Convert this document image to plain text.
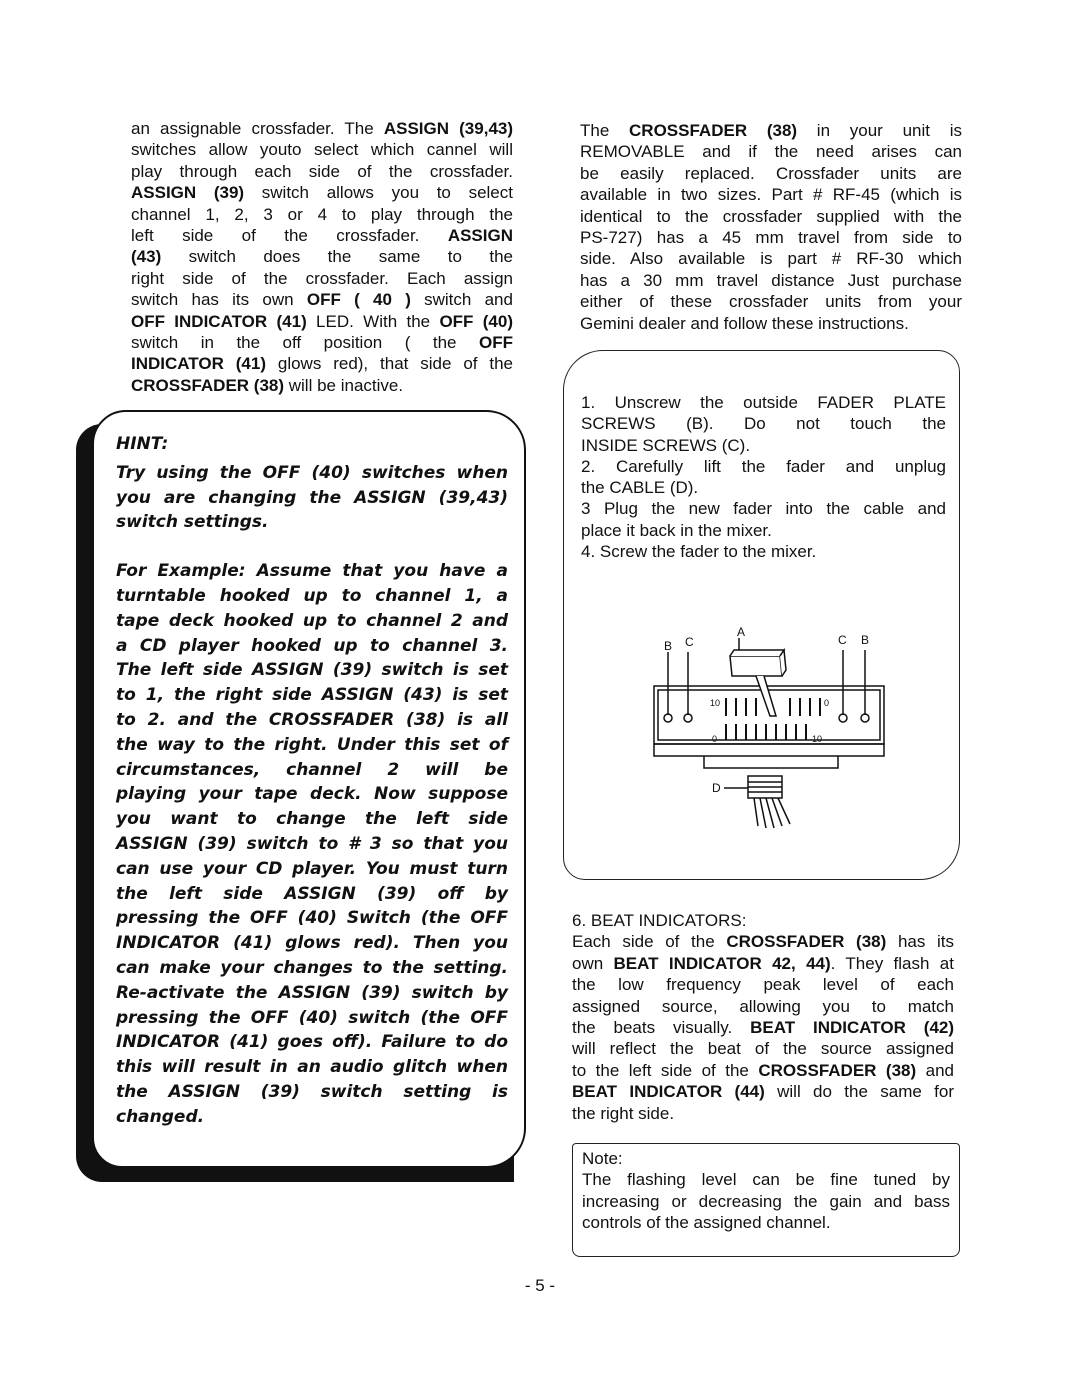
an assignable crossfader. The ASSIGN (39,43)

switches allow youto select which cannel will

play through each side of the crossfader.

ASSIGN (39) switch allows you to select

channel 1, 2, 3 or 4 to play through the

left side of the crossfader. ASSIGN

(43) switch does the same to the

right side of the crossfader. Each assign

switch has its own OFF ( 40 ) switch and

OFF INDICATOR (41) LED. With the OFF (40)

switch in the off position ( the OFF

INDICATOR (41) glows red), that side of the

CROSSFADER (38) will be inactive.

HINT:

Try using the OFF (40) switches when

you are changing the ASSIGN (39,43)

switch settings.

For Example: Assume that you have a

turntable hooked up to channel 1, a

tape deck hooked up to channel 2 and

a CD player hooked up to channel 3.

The left side ASSIGN (39) switch is set

to 1, the right side ASSIGN (43) is set

to 2. and the CROSSFADER (38) is all

the way to the right. Under this set of

circumstances, channel 2 will be

playing your tape deck. Now suppose

you want to change the left side

ASSIGN (39) switch to # 3 so that you

can use your CD player. You must turn

the left side ASSIGN (39) off by

pressing the OFF (40) Switch (the OFF

INDICATOR (41) glows red). Then you

can make your changes to the setting.

Re-activate the ASSIGN (39) switch by

pressing the OFF (40) switch (the OFF

INDICATOR (41) goes off). Failure to do

this will result in an audio glitch when

the ASSIGN (39) switch setting is

changed.

The CROSSFADER (38) in your unit is

REMOVABLE and if the need arises can

be easily replaced. Crossfader units are

available in two sizes. Part # RF-45 (which is

identical to the crossfader supplied with the

PS-727) has a 45 mm travel from side to

side. Also available is part # RF-30 which

has a 30 mm travel distance Just purchase

either of these crossfader units from your

Gemini dealer and follow these instructions.

1. Unscrew the outside FADER PLATE

SCREWS (B). Do not touch the

INSIDE SCREWS (C).

2. Carefully lift the fader and unplug

the CABLE (D).

3 Plug the new fader into the cable and

place it back in the mixer.

4. Screw the fader to the mixer.

B C
A
C B
10	0
0	10
D

6. BEAT INDICATORS:

Each side of the CROSSFADER (38) has its

own BEAT INDICATOR 42, 44). They flash at

the low frequency peak level of each

assigned source, allowing you to match

the beats visually. BEAT INDICATOR (42)

will reflect the beat of the source assigned

to the left side of the CROSSFADER (38) and

BEAT INDICATOR (44) will do the same for

the right side.

Note:

The flashing level can be fine tuned by

increasing or decreasing the gain and bass

controls of the assigned channel.

- 5 -
